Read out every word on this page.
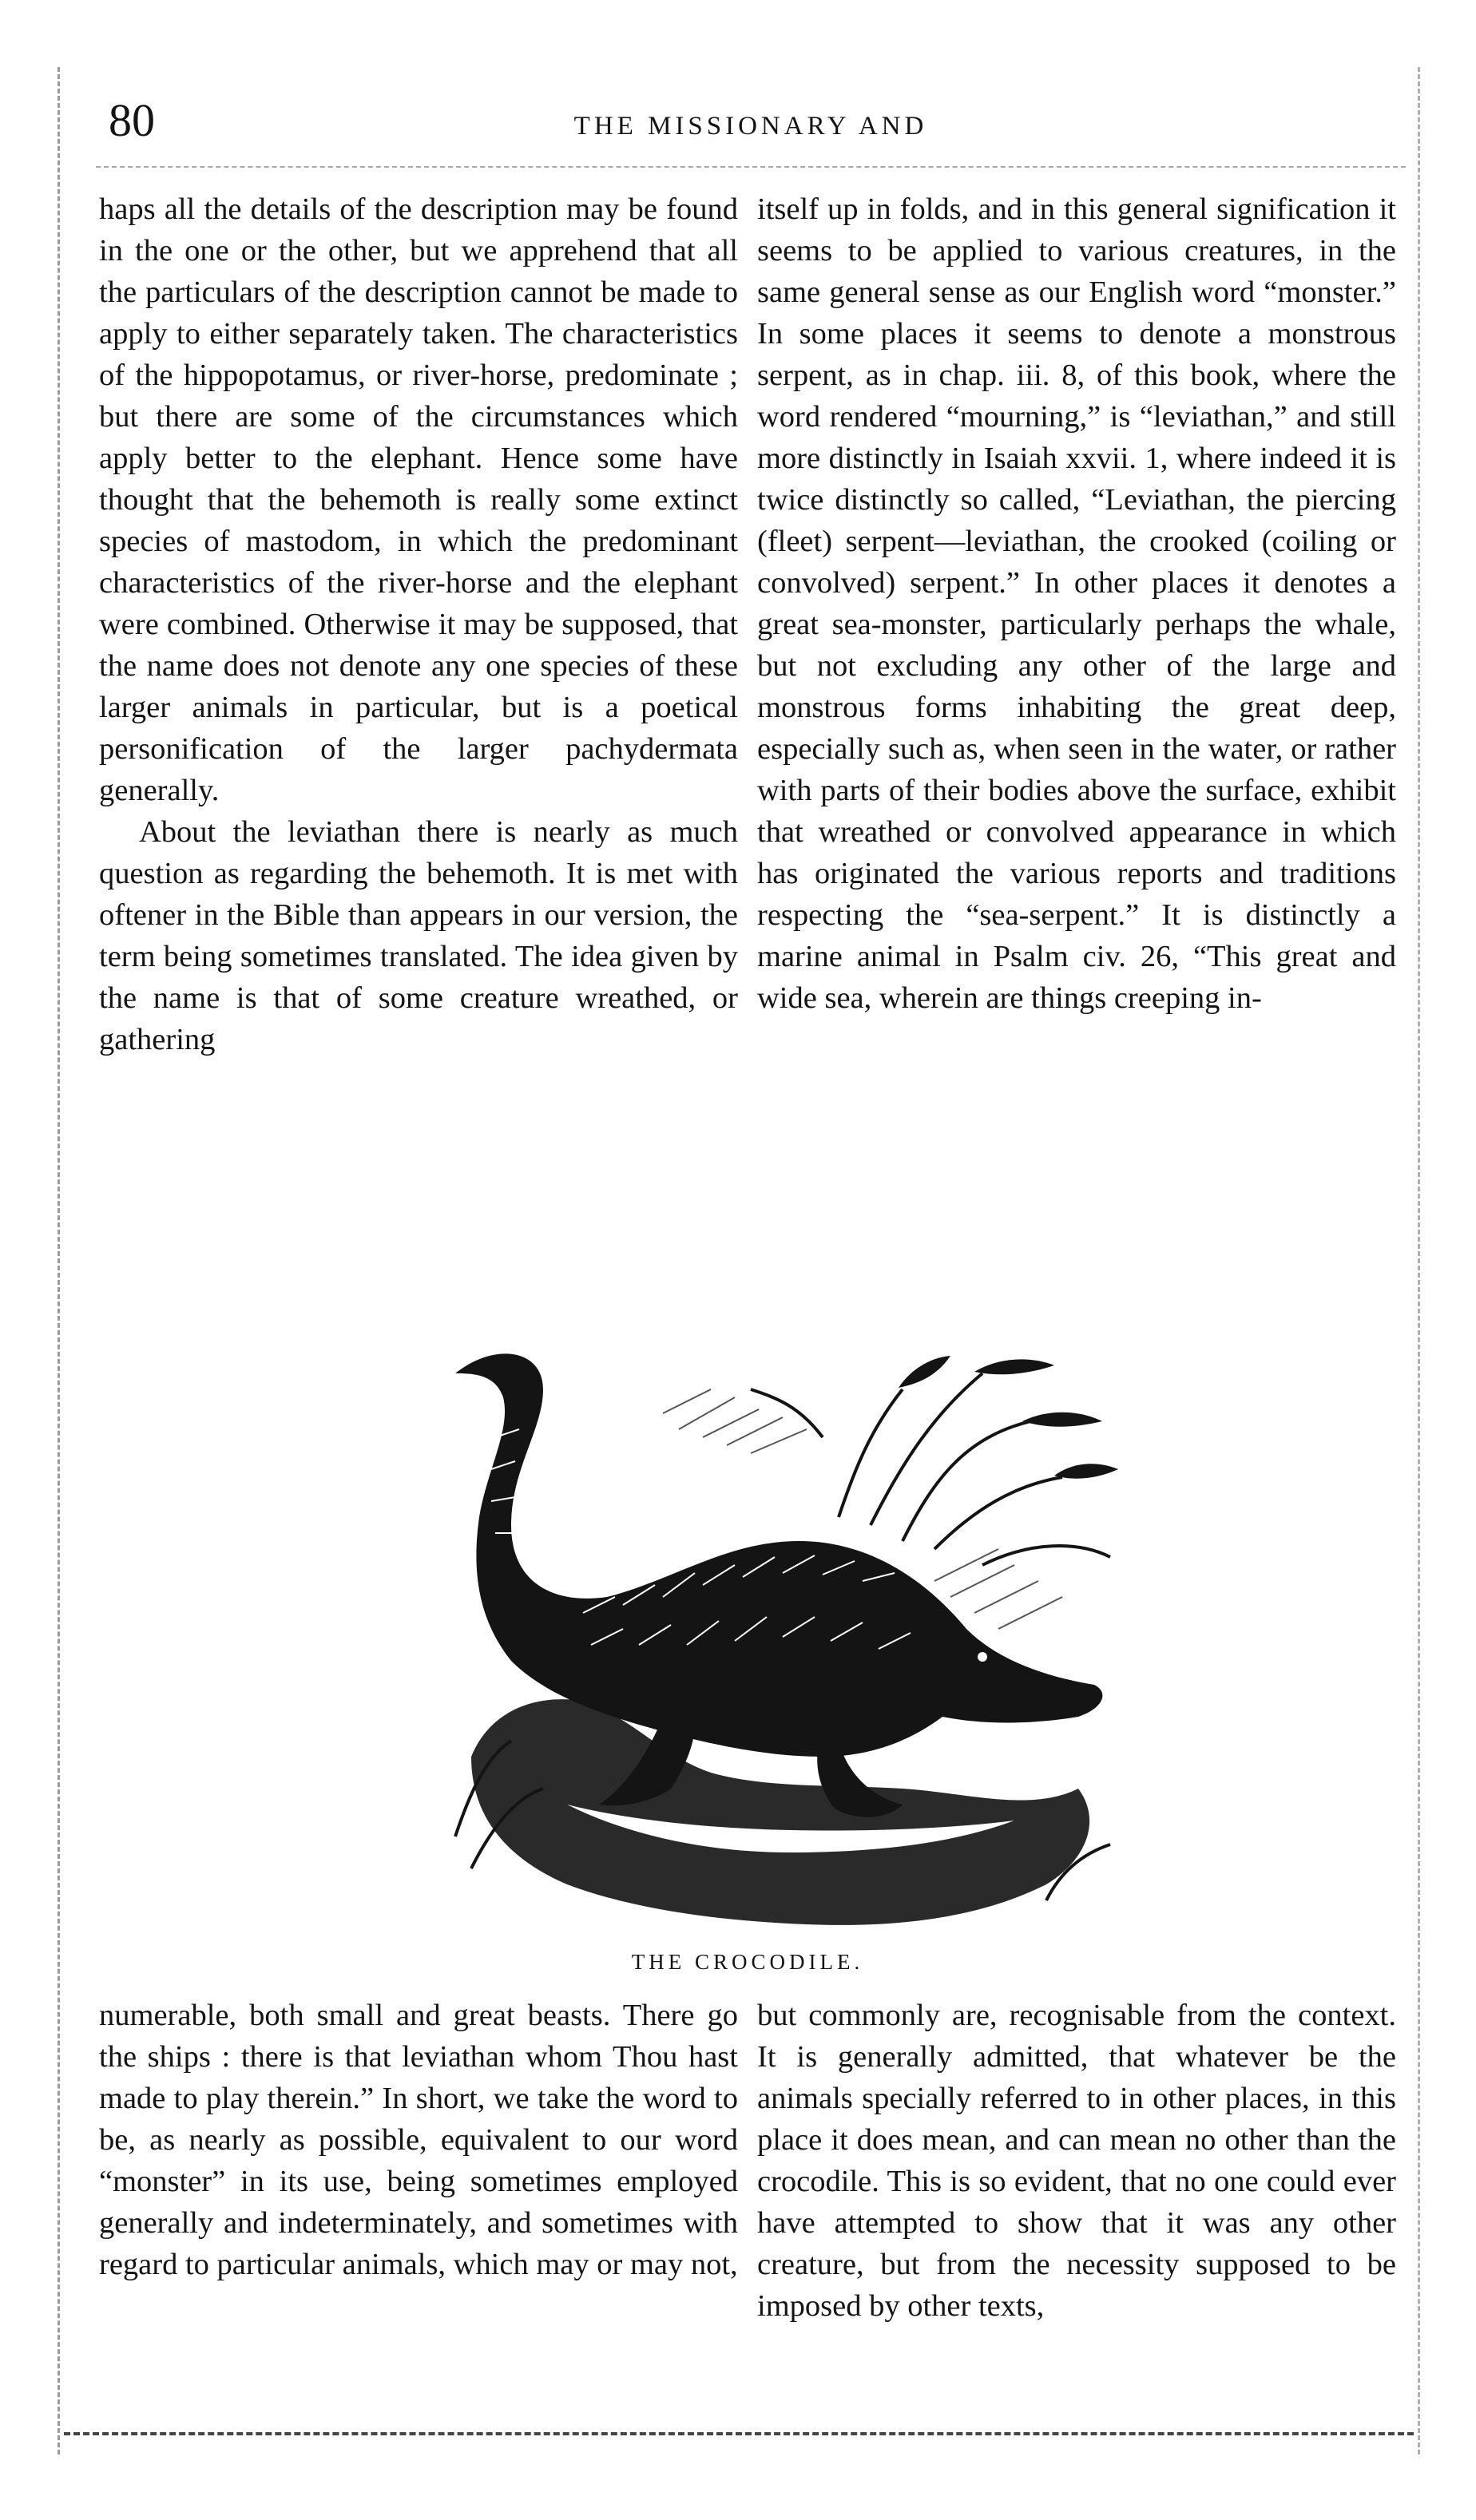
80	THE MISSIONARY AND

haps all the details of the description may be found in the one or the other, but we apprehend that all the particulars of the description cannot be made to apply to either separately taken. The characteristics of the hippopotamus, or river-horse, predominate ; but there are some of the circumstances which apply better to the elephant. Hence some have thought that the behemoth is really some extinct species of mastodom, in which the predominant characteristics of the river-horse and the elephant were combined. Otherwise it may be supposed, that the name does not denote any one species of these larger animals in particular, but is a poetical personification of the larger pachydermata generally.

About the leviathan there is nearly as much question as regarding the behemoth. It is met with oftener in the Bible than appears in our version, the term being sometimes translated. The idea given by the name is that of some creature wreathed, or gathering

itself up in folds, and in this general signification it seems to be applied to various creatures, in the same general sense as our English word “monster.” In some places it seems to denote a monstrous serpent, as in chap. iii. 8, of this book, where the word rendered “mourning,” is “leviathan,” and still more distinctly in Isaiah xxvii. 1, where indeed it is twice distinctly so called, “Leviathan, the piercing (fleet) serpent—leviathan, the crooked (coiling or convolved) serpent.” In other places it denotes a great sea-monster, particularly perhaps the whale, but not excluding any other of the large and monstrous forms inhabiting the great deep, especially such as, when seen in the water, or rather with parts of their bodies above the surface, exhibit that wreathed or convolved appearance in which has originated the various reports and traditions respecting the “sea-serpent.” It is distinctly a marine animal in Psalm civ. 26, “This great and wide sea, wherein are things creeping in-

THE CROCODILE.

numerable, both small and great beasts. There go the ships : there is that leviathan whom Thou hast made to play therein.” In short, we take the word to be, as nearly as possible, equivalent to our word “monster” in its use, being sometimes employed generally and indeterminately, and sometimes with regard to particular animals, which may or may not,

but commonly are, recognisable from the context. It is generally admitted, that whatever be the animals specially referred to in other places, in this place it does mean, and can mean no other than the crocodile. This is so evident, that no one could ever have attempted to show that it was any other creature, but from the necessity supposed to be imposed by other texts,
